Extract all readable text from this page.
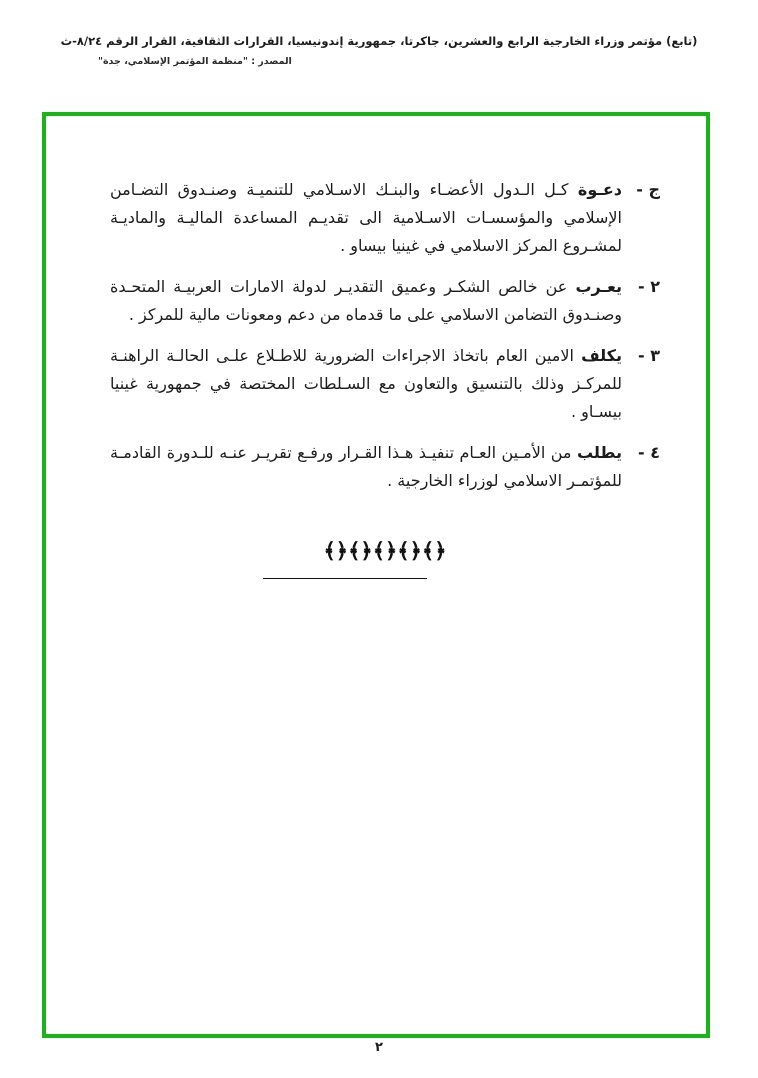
(تابع) مؤتمر وزراء الخارجية الرابع والعشرين، جاكرتا، جمهورية إندونيسيا، القرارات الثقافية، القرار الرقم ٨/٢٤-ث
المصدر : "منظمة المؤتمر الإسلامي، جدة"
ج -
دعـوة كـل الـدول الأعضـاء والبنـك الاسـلامي للتنميـة وصنـدوق التضـامن الإسلامي والمؤسسـات الاسـلامية الى تقديـم المساعدة الماليـة والماديـة لمشـروع المركز الاسلامي في غينيا بيساو .
٢ -
يعـرب عن خالص الشكـر وعميق التقديـر لدولة الامارات العربيـة المتحـدة وصنـدوق التضامن الاسلامي على ما قدماه من دعم ومعونات مالية للمركز .
٣ -
يكلف الامين العام باتخاذ الاجراءات الضرورية للاطـلاع علـى الحالـة الراهنـة للمركـز وذلك بالتنسيق والتعاون مع السـلطات المختصة في جمهورية غينيا بيسـاو .
٤ -
يطلب من الأمـين العـام تنفيـذ هـذا القـرار ورفـع تقريـر عنـه للـدورة القادمـة للمؤتمـر الاسلامي لوزراء الخارجية .
﴿﴾﴿﴾﴿﴾﴿﴾﴿﴾
٢
